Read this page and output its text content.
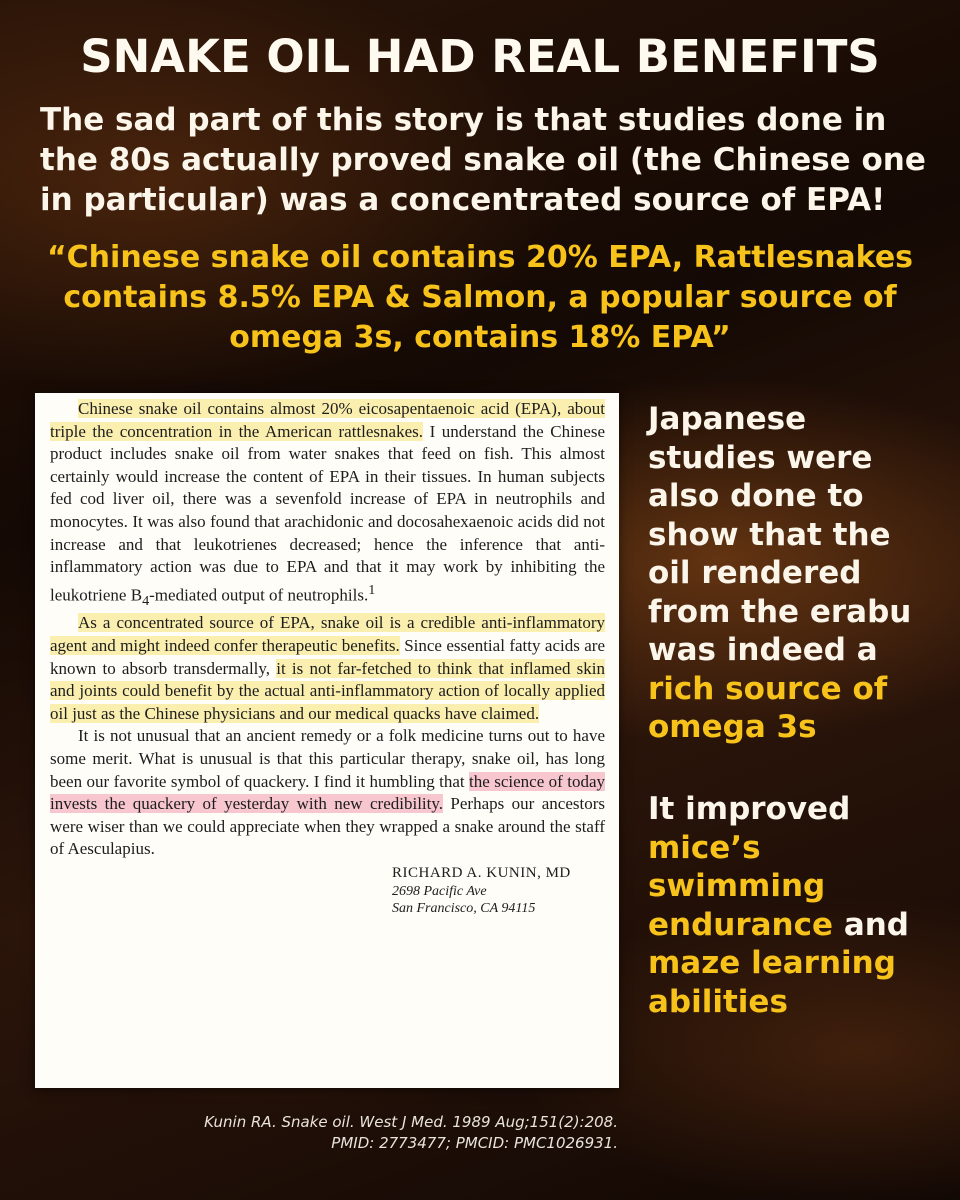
SNAKE OIL HAD REAL BENEFITS

The sad part of this story is that studies done in the 80s actually proved snake oil (the Chinese one in particular) was a concentrated source of EPA!

“Chinese snake oil contains 20% EPA, Rattlesnakes contains 8.5% EPA & Salmon, a popular source of omega 3s, contains 18% EPA”

Chinese snake oil contains almost 20% eicosapentaenoic acid (EPA), about triple the concentration in the American rattlesnakes. I understand the Chinese product includes snake oil from water snakes that feed on fish. This almost certainly would increase the content of EPA in their tissues. In human subjects fed cod liver oil, there was a sevenfold increase of EPA in neutrophils and monocytes. It was also found that arachidonic and docosahexaenoic acids did not increase and that leukotrienes decreased; hence the inference that anti-inflammatory action was due to EPA and that it may work by inhibiting the leukotriene $B_4$-mediated output of neutrophils.$^1$

As a concentrated source of EPA, snake oil is a credible anti-inflammatory agent and might indeed confer therapeutic benefits. Since essential fatty acids are known to absorb transdermally, it is not far-fetched to think that inflamed skin and joints could benefit by the actual anti-inflammatory action of locally applied oil just as the Chinese physicians and our medical quacks have claimed.

It is not unusual that an ancient remedy or a folk medicine turns out to have some merit. What is unusual is that this particular therapy, snake oil, has long been our favorite symbol of quackery. I find it humbling that the science of today invests the quackery of yesterday with new credibility. Perhaps our ancestors were wiser than we could appreciate when they wrapped a snake around the staff of Aesculapius.

RICHARD A. KUNIN, MD
2698 Pacific Ave
San Francisco, CA 94115

Japanese studies were also done to show that the oil rendered from the erabu was indeed a rich source of omega 3s

It improved mice’s swimming endurance and maze learning abilities

Kunin RA. Snake oil. West J Med. 1989 Aug;151(2):208.
PMID: 2773477; PMCID: PMC1026931.
